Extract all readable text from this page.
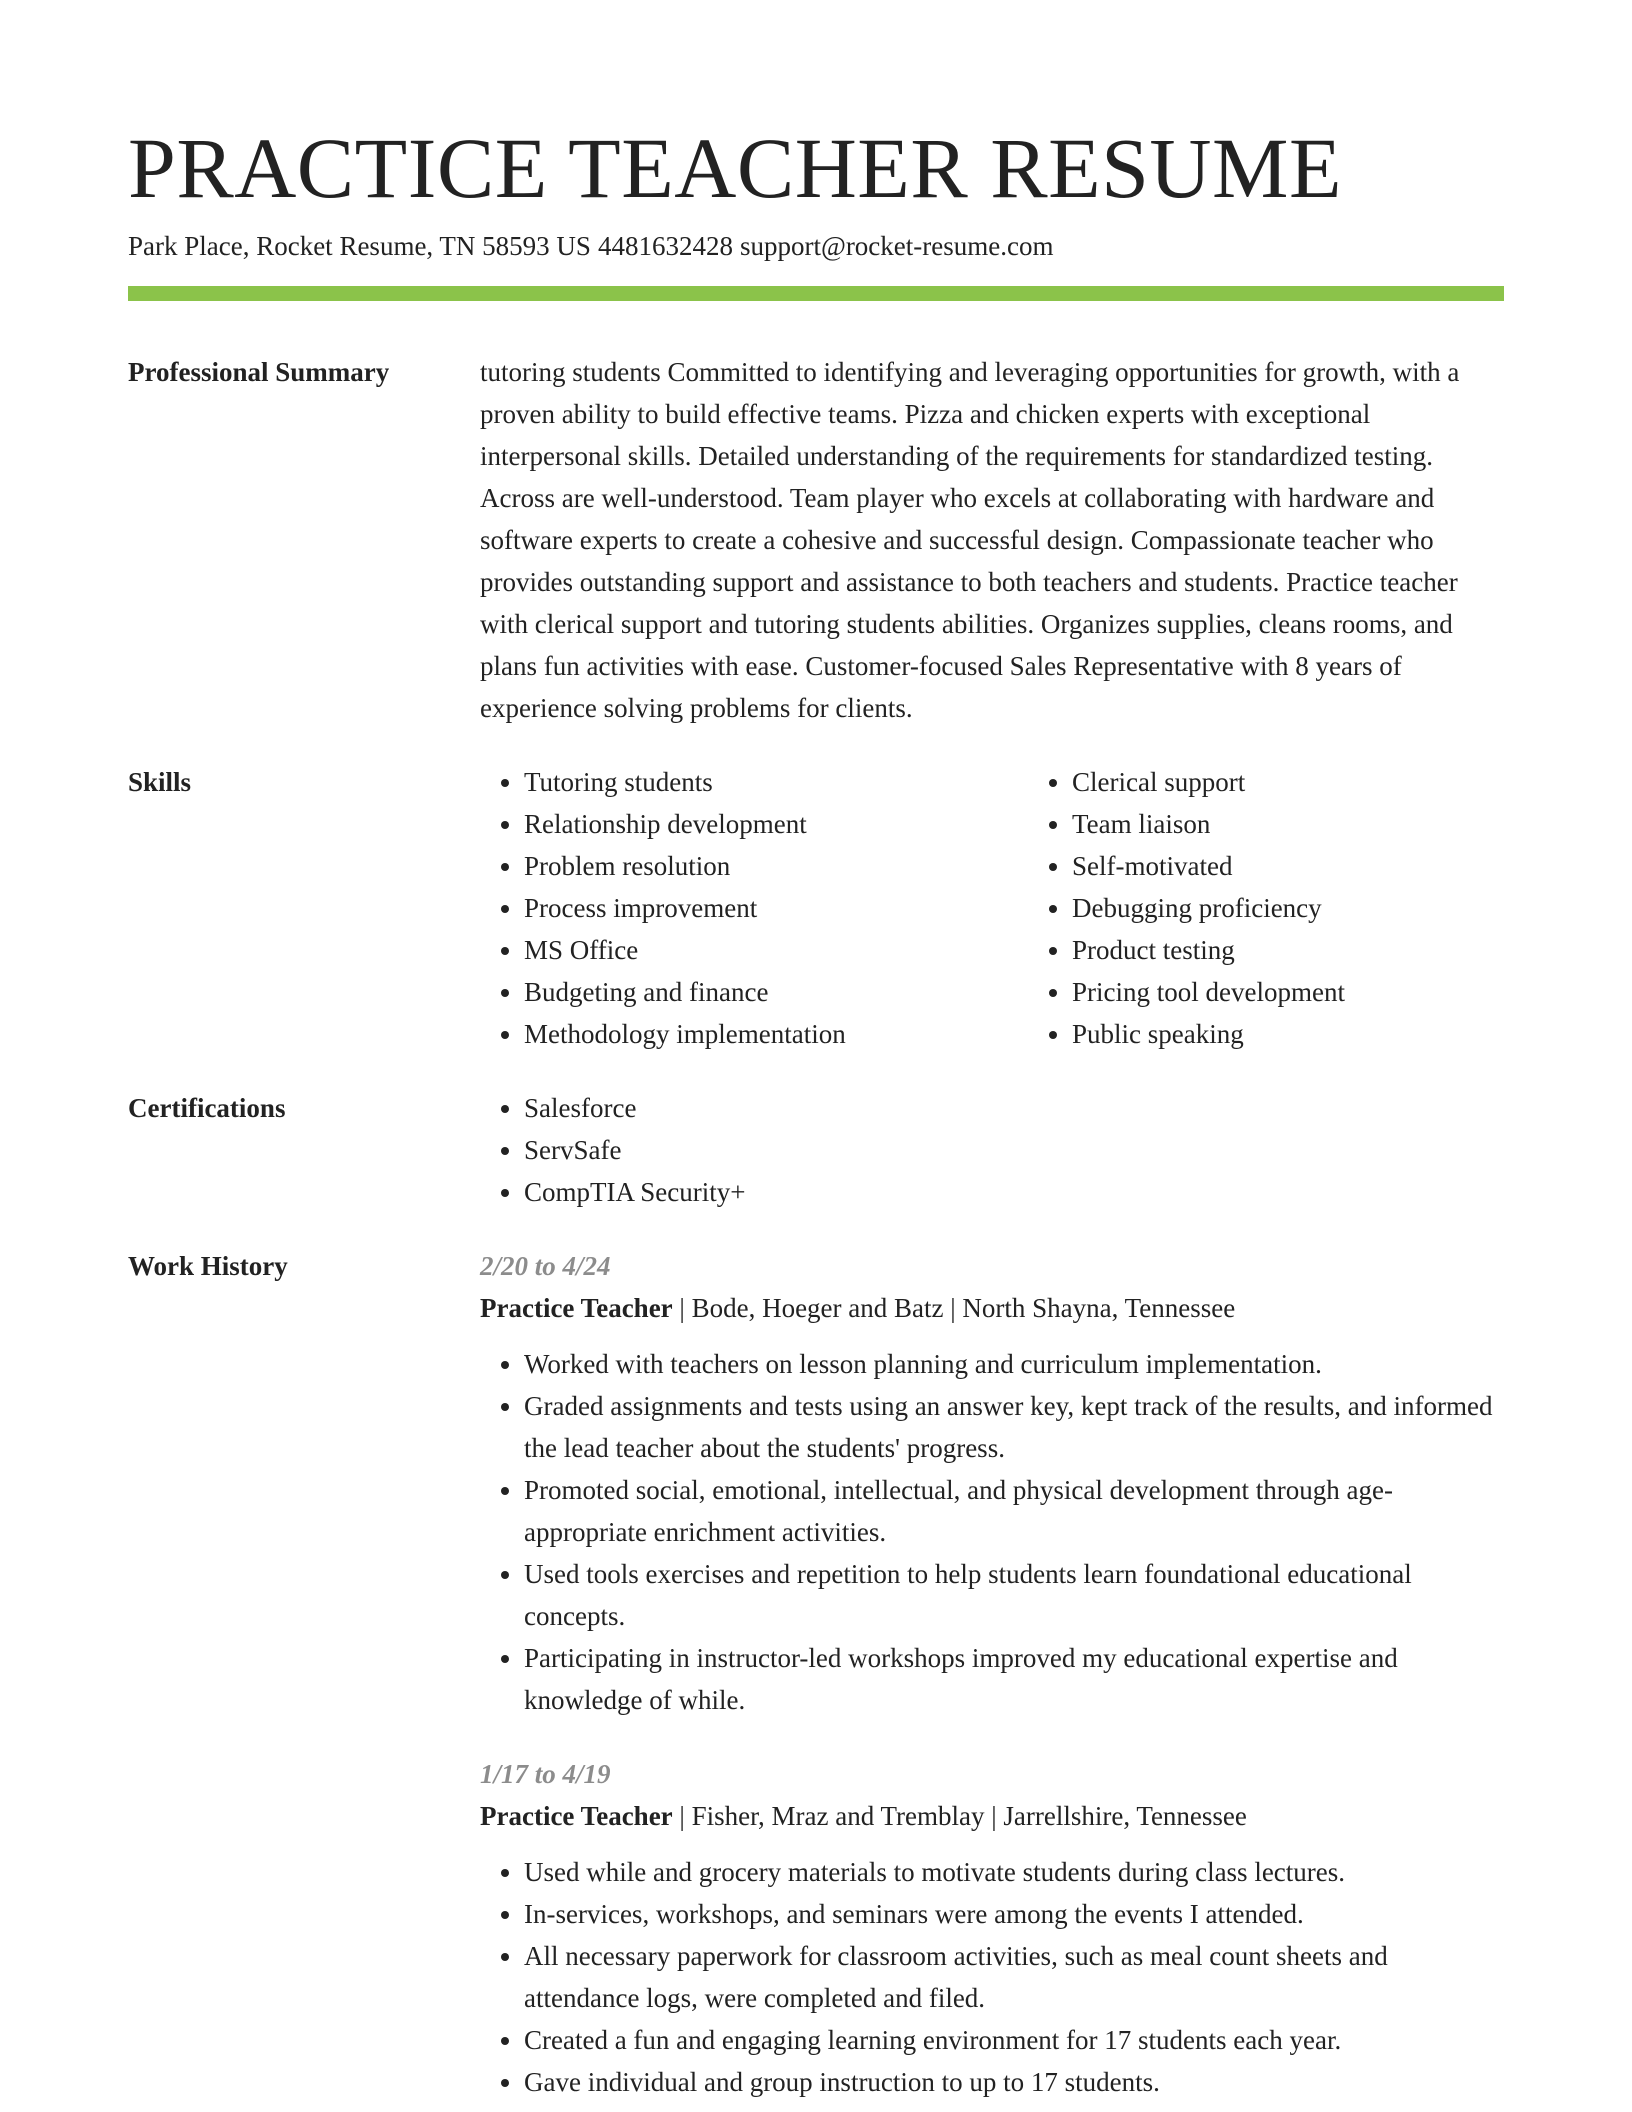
PRACTICE TEACHER RESUME
Park Place, Rocket Resume, TN 58593 US 4481632428 support@rocket-resume.com
Professional Summary	tutoring students Committed to identifying and leveraging opportunities for growth, with a proven ability to build effective teams. Pizza and chicken experts with exceptional interpersonal skills. Detailed understanding of the requirements for standardized testing. Across are well-understood. Team player who excels at collaborating with hardware and software experts to create a cohesive and successful design. Compassionate teacher who provides outstanding support and assistance to both teachers and students. Practice teacher with clerical support and tutoring students abilities. Organizes supplies, cleans rooms, and plans fun activities with ease. Customer-focused Sales Representative with 8 years of experience solving problems for clients.
Skills	• Tutoring students
• Relationship development
• Problem resolution
• Process improvement
• MS Office
• Budgeting and finance
• Methodology implementation
• Clerical support
• Team liaison
• Self-motivated
• Debugging proficiency
• Product testing
• Pricing tool development
• Public speaking
Certifications	• Salesforce
• ServSafe
• CompTIA Security+
Work History	2/20 to 4/24
Practice Teacher | Bode, Hoeger and Batz | North Shayna, Tennessee
• Worked with teachers on lesson planning and curriculum implementation.
• Graded assignments and tests using an answer key, kept track of the results, and informed the lead teacher about the students' progress.
• Promoted social, emotional, intellectual, and physical development through age-appropriate enrichment activities.
• Used tools exercises and repetition to help students learn foundational educational concepts.
• Participating in instructor-led workshops improved my educational expertise and knowledge of while.
1/17 to 4/19
Practice Teacher | Fisher, Mraz and Tremblay | Jarrellshire, Tennessee
• Used while and grocery materials to motivate students during class lectures.
• In-services, workshops, and seminars were among the events I attended.
• All necessary paperwork for classroom activities, such as meal count sheets and attendance logs, were completed and filed.
• Created a fun and engaging learning environment for 17 students each year.
• Gave individual and group instruction to up to 17 students.
